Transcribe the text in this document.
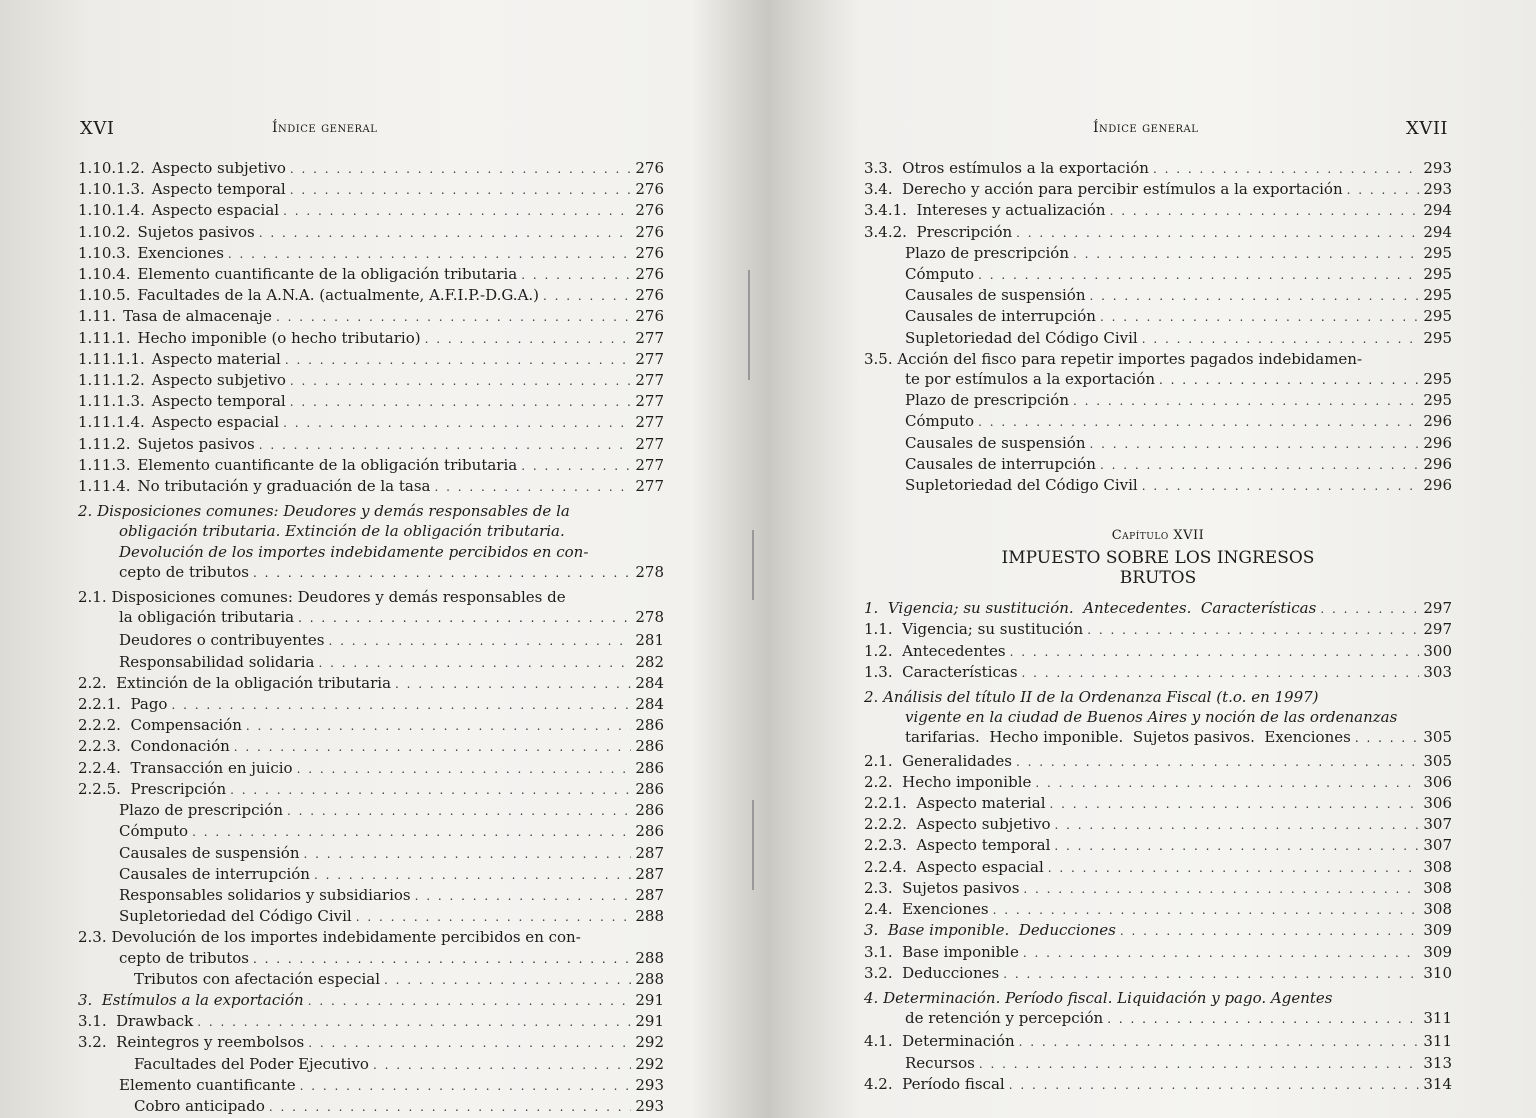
XVI	Índice general
1.10.1.2. Aspecto subjetivo . . .	276
1.10.1.3. Aspecto temporal . . .	276
1.10.1.4. Aspecto espacial . . .	276
1.10.2. Sujetos pasivos . . .	276
1.10.3. Exenciones . . .	276
1.10.4. Elemento cuantificante de la obligación tributaria . . .	276
1.10.5. Facultades de la A.N.A. (actualmente, A.F.I.P.-D.G.A.) . . .	276
1.11. Tasa de almacenaje . . .	276
1.11.1. Hecho imponible (o hecho tributario) . . .	277
1.11.1.1. Aspecto material . . .	277
1.11.1.2. Aspecto subjetivo . . .	277
1.11.1.3. Aspecto temporal . . .	277
1.11.1.4. Aspecto espacial . . .	277
1.11.2. Sujetos pasivos . . .	277
1.11.3. Elemento cuantificante de la obligación tributaria . . .	277
1.11.4. No tributación y graduación de la tasa . . .	277
2. Disposiciones comunes: Deudores y demás responsables de la
obligación tributaria. Extinción de la obligación tributaria.
Devolución de los importes indebidamente percibidos en con-
cepto de tributos . . .	278
2.1. Disposiciones comunes: Deudores y demás responsables de
la obligación tributaria . . .	278
Deudores o contribuyentes . . .	281
Responsabilidad solidaria . . .	282
2.2.  Extinción de la obligación tributaria . . .	284
2.2.1.  Pago . . .	284
2.2.2.  Compensación . . .	286
2.2.3.  Condonación . . .	286
2.2.4.  Transacción en juicio . . .	286
2.2.5.  Prescripción . . .	286
Plazo de prescripción . . .	286
Cómputo . . .	286
Causales de suspensión . . .	287
Causales de interrupción . . .	287
Responsables solidarios y subsidiarios . . .	287
Supletoriedad del Código Civil . . .	288
2.3. Devolución de los importes indebidamente percibidos en con-
cepto de tributos . . .	288
Tributos con afectación especial . . .	288
3.  Estímulos a la exportación . . .	291
3.1.  Drawback . . .	291
3.2.  Reintegros y reembolsos . . .	292
Facultades del Poder Ejecutivo . . .	292
Elemento cuantificante . . .	293
Cobro anticipado . . .	293
Índice general	XVII
3.3.  Otros estímulos a la exportación . . .	293
3.4.  Derecho y acción para percibir estímulos a la exportación . . .	293
3.4.1.  Intereses y actualización . . .	294
3.4.2.  Prescripción . . .	294
Plazo de prescripción . . .	295
Cómputo . . .	295
Causales de suspensión . . .	295
Causales de interrupción . . .	295
Supletoriedad del Código Civil . . .	295
3.5. Acción del fisco para repetir importes pagados indebidamen-
te por estímulos a la exportación . . .	295
Plazo de prescripción . . .	295
Cómputo . . .	296
Causales de suspensión . . .	296
Causales de interrupción . . .	296
Supletoriedad del Código Civil . . .	296
Capítulo XVII
IMPUESTO SOBRE LOS INGRESOS
BRUTOS
1.  Vigencia; su sustitución.  Antecedentes.  Características . . .	297
1.1.  Vigencia; su sustitución . . .	297
1.2.  Antecedentes . . .	300
1.3.  Características . . .	303
2. Análisis del título II de la Ordenanza Fiscal (t.o. en 1997)
vigente en la ciudad de Buenos Aires y noción de las ordenanzas
tarifarias.  Hecho imponible.  Sujetos pasivos.  Exenciones . . .	305
2.1.  Generalidades . . .	305
2.2.  Hecho imponible . . .	306
2.2.1.  Aspecto material . . .	306
2.2.2.  Aspecto subjetivo . . .	307
2.2.3.  Aspecto temporal . . .	307
2.2.4.  Aspecto espacial . . .	308
2.3.  Sujetos pasivos . . .	308
2.4.  Exenciones . . .	308
3.  Base imponible.  Deducciones . . .	309
3.1.  Base imponible . . .	309
3.2.  Deducciones . . .	310
4. Determinación. Período fiscal. Liquidación y pago. Agentes
de retención y percepción . . .	311
4.1.  Determinación . . .	311
Recursos . . .	313
4.2.  Período fiscal . . .	314
